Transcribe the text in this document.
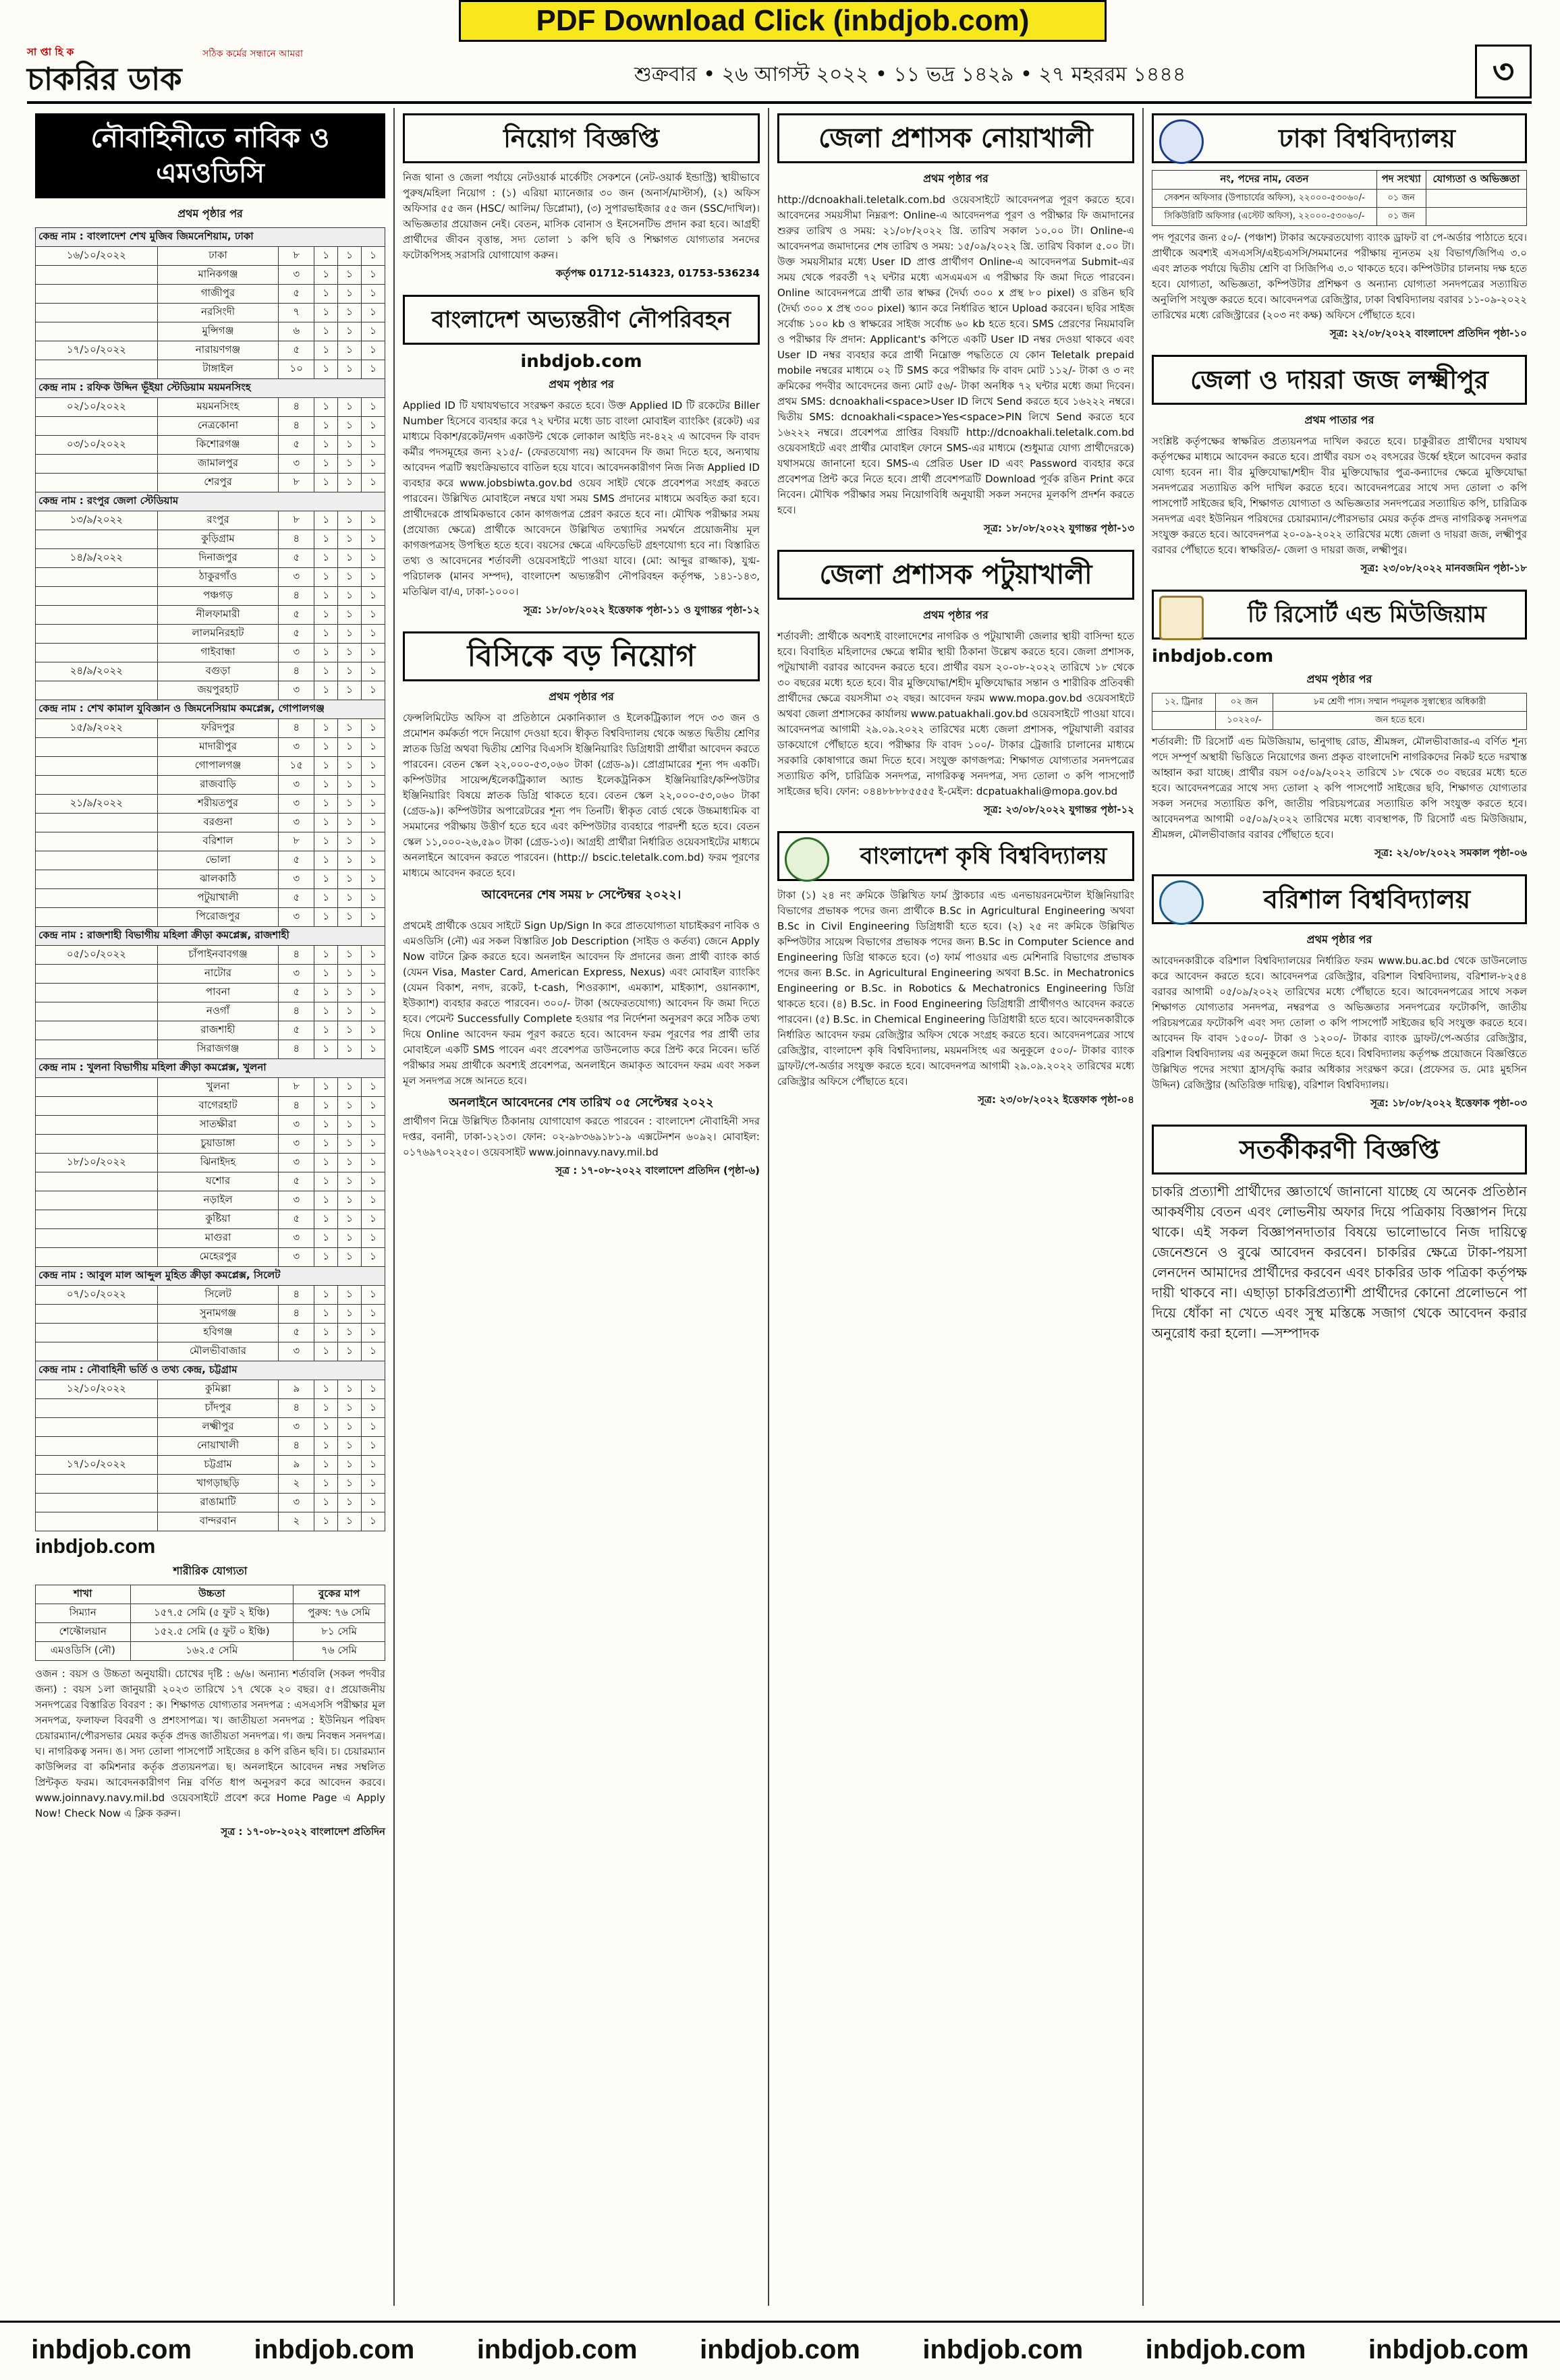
PDF Download Click (inbdjob.com)
সা প্তা হি ক
চাকরির ডাক
সঠিক কর্মের সন্ধানে আমরা
শুক্রবার • ২৬ আগস্ট ২০২২ • ১১ ভদ্র ১৪২৯ • ২৭ মহররম ১৪৪৪	৩
নৌবাহিনীতে নাবিক ও এমওডিসি
প্রথম পৃষ্ঠার পর
কেন্দ্র নাম : বাংলাদেশ শেখ মুজিব জিমনেশিয়াম, ঢাকা					
১৬/১০/২০২২	ঢাকা	৮	১	১	১
	মানিকগঞ্জ	৩	১	১	১
	গাজীপুর	৫	১	১	১
	নরসিংদী	৭	১	১	১
	মুন্সিগঞ্জ	৬	১	১	১
১৭/১০/২০২২	নারায়ণগঞ্জ	৫	১	১	১
	টাঙ্গাইল	১০	১	১	১
কেন্দ্র নাম : রফিক উদ্দিন ভূঁইয়া স্টেডিয়াম ময়মনসিংহ					
০২/১০/২০২২	ময়মনসিংহ	৪	১	১	১
	নেত্রকোনা	৪	১	১	১
০৩/১০/২০২২	কিশোরগঞ্জ	৫	১	১	১
	জামালপুর	৩	১	১	১
	শেরপুর	৮	১	১	১
কেন্দ্র নাম : রংপুর জেলা স্টেডিয়াম					
১৩/৯/২০২২	রংপুর	৮	১	১	১
	কুড়িগ্রাম	৪	১	১	১
১৪/৯/২০২২	দিনাজপুর	৫	১	১	১
	ঠাকুরগাঁও	৩	১	১	১
	পঞ্চগড়	৪	১	১	১
	নীলফামারী	৫	১	১	১
	লালমনিরহাট	৫	১	১	১
	গাইবান্ধা	৩	১	১	১
২৪/৯/২০২২	বগুড়া	৪	১	১	১
	জয়পুরহাট	৩	১	১	১
কেন্দ্র নাম : শেখ কামাল যুবিজ্ঞান ও জিমনেসিয়াম কমপ্লেক্স, গোপালগঞ্জ					
১৫/৯/২০২২	ফরিদপুর	৪	১	১	১
	মাদারীপুর	৩	১	১	১
	গোপালগঞ্জ	১৫	১	১	১
	রাজবাড়ি	৩	১	১	১
২১/৯/২০২২	শরীয়তপুর	৩	১	১	১
	বরগুনা	৩	১	১	১
	বরিশাল	৮	১	১	১
	ভোলা	৫	১	১	১
	ঝালকাঠি	৩	১	১	১
	পটুয়াখালী	৫	১	১	১
	পিরোজপুর	৩	১	১	১
কেন্দ্র নাম : রাজশাহী বিভাগীয় মহিলা ক্রীড়া কমপ্লেক্স, রাজশাহী					
০৫/১০/২০২২	চাঁপাইনবাবগঞ্জ	৪	১	১	১
	নাটোর	৩	১	১	১
	পাবনা	৫	১	১	১
	নওগাঁ	৪	১	১	১
	রাজশাহী	৫	১	১	১
	সিরাজগঞ্জ	৪	১	১	১
কেন্দ্র নাম : খুলনা বিভাগীয় মহিলা ক্রীড়া কমপ্লেক্স, খুলনা					
	খুলনা	৮	১	১	১
	বাগেরহাট	৪	১	১	১
	সাতক্ষীরা	৩	১	১	১
	চুয়াডাঙ্গা	৩	১	১	১
১৮/১০/২০২২	ঝিনাইদহ	৩	১	১	১
	যশোর	৫	১	১	১
	নড়াইল	৩	১	১	১
	কুষ্টিয়া	৫	১	১	১
	মাগুরা	৩	১	১	১
	মেহেরপুর	৩	১	১	১
কেন্দ্র নাম : আবুল মাল আব্দুল মুহিত ক্রীড়া কমপ্লেক্স, সিলেট					
০৭/১০/২০২২	সিলেট	৪	১	১	১
	সুনামগঞ্জ	৪	১	১	১
	হবিগঞ্জ	৫	১	১	১
	মৌলভীবাজার	৩	১	১	১
কেন্দ্র নাম : নৌবাহিনী ভর্তি ও তথ্য কেন্দ্র, চট্টগ্রাম					
১২/১০/২০২২	কুমিল্লা	৯	১	১	১
	চাঁদপুর	৪	১	১	১
	লক্ষ্মীপুর	৩	১	১	১
	নোয়াখালী	৪	১	১	১
১৭/১০/২০২২	চট্টগ্রাম	৯	১	১	১
	খাগড়াছড়ি	২	১	১	১
	রাঙামাটি	৩	১	১	১
	বান্দরবান	২	১	১	১
inbdjob.com
শারীরিক যোগ্যতা
শাখা	উচ্চতা	বুকের মাপ
সিম্যান	১৫৭.৫ সেমি (৫ ফুট ২ ইঞ্চি)	পুরুষ: ৭৬ সেমি
শেফ্টোলয়ান	১৫২.৫ সেমি (৫ ফুট ০ ইঞ্চি)	৮১ সেমি
এমওডিসি (নৌ)	১৬২.৫ সেমি	৭৬ সেমি
ওজন : বয়স ও উচ্চতা অনুযায়ী। চোখের দৃষ্টি : ৬/৬। অন্যান্য শর্তাবলি (সকল পদবীর জন্য) : বয়স ১লা জানুয়ারী ২০২৩ তারিখে ১৭ থেকে ২০ বছর। ৫। প্রয়োজনীয় সনদপত্রের বিস্তারিত বিবরণ : ক। শিক্ষাগত যোগ্যতার সনদপত্র : এসএসসি পরীক্ষার মূল সনদপত্র, ফলাফল বিবরণী ও প্রশংসাপত্র। খ। জাতীয়তা সনদপত্র : ইউনিয়ন পরিষদ চেয়ারম্যান/পৌরসভার মেয়র কর্তৃক প্রদত্ত জাতীয়তা সনদপত্র। গ। জন্ম নিবন্ধন সনদপত্র। ঘ। নাগরিকত্ব সনদ। ঙ। সদ্য তোলা পাসপোর্ট সাইজের ৪ কপি রঙিন ছবি। চ। চেয়ারম্যান কাউন্সিলর বা কমিশনার কর্তৃক প্রত্যয়নপত্র। ছ। অনলাইনে আবেদন নম্বর সম্বলিত প্রিন্টকৃত ফরম। আবেদনকারীগণ নিম্ন বর্ণিত ধাপ অনুসরণ করে আবেদন করবে। www.joinnavy.navy.mil.bd ওয়েবসাইটে প্রবেশ করে Home Page এ Apply Now! Check Now এ ক্লিক করুন।
সূত্র : ১৭-০৮-২০২২ বাংলাদেশ প্রতিদিন
নিয়োগ বিজ্ঞপ্তি
নিজ থানা ও জেলা পর্যায়ে নেটওয়ার্ক মার্কেটিং সেকশনে (নেট-ওয়ার্ক ইন্ডাস্ট্রি) স্থায়ীভাবে পুরুষ/মহিলা নিয়োগ : (১) এরিয়া ম্যানেজার ৩০ জন (অনার্স/মাস্টার্স), (২) অফিস অফিসার ৫৫ জন (HSC/ আলিম/ ডিপ্লোমা), (৩) সুপারভাইজার ৫৫ জন (SSC/দাখিল)। অভিজ্ঞতার প্রয়োজন নেই। বেতন, মাসিক বোনাস ও ইনসেনটিভ প্রদান করা হবে। আগ্রহী প্রার্থীদের জীবন বৃত্তান্ত, সদ্য তোলা ১ কপি ছবি ও শিক্ষাগত যোগ্যতার সনদের ফটোকপিসহ সরাসরি যোগাযোগ করুন।
কর্তৃপক্ষ 01712-514323, 01753-536234
বাংলাদেশ অভ্যন্তরীণ নৌপরিবহন
inbdjob.com
প্রথম পৃষ্ঠার পর
Applied ID টি যথাযথভাবে সংরক্ষণ করতে হবে। উক্ত Applied ID টি রকেটের Biller Number হিসেবে ব্যবহার করে ৭২ ঘন্টার মধ্যে ডাচ বাংলা মোবাইল ব্যাংকিং (রকেট) এর মাধ্যমে বিকাশ/রকেট/নগদ একাউন্ট থেকে লোকাল আইডি নং-৪২২ এ আবেদন ফি বাবদ কর্মীর পদসমূহের জন্য ২১৫/- (ফেরতযোগ্য নয়) আবেদন ফি জমা দিতে হবে, অন্যথায় আবেদন পত্রটি স্বয়ংক্রিয়ভাবে বাতিল হয়ে যাবে। আবেদনকারীগণ নিজ নিজ Applied ID ব্যবহার করে www.jobsbiwta.gov.bd ওয়েব সাইট থেকে প্রবেশপত্র সংগ্রহ করতে পারবেন। উল্লিখিত মোবাইলে নম্বরে যথা সময় SMS প্রদানের মাধ্যমে অবহিত করা হবে। প্রার্থীদেরকে প্রাথমিকভাবে কোন কাগজপত্র প্রেরণ করতে হবে না। মৌখিক পরীক্ষার সময় (প্রযোজ্য ক্ষেত্রে) প্রার্থীকে আবেদনে উল্লিখিত তথ্যাদির সমর্থনে প্রয়োজনীয় মূল কাগজপত্রসহ উপস্থিত হতে হবে। বয়সের ক্ষেত্রে এফিডেভিট গ্রহণযোগ্য হবে না। বিস্তারিত তথ্য ও আবেদনের শর্তাবলী ওয়েবসাইটে পাওয়া যাবে। (মো: আব্দুর রাজ্জাক), যুগ্ম-পরিচালক (মানব সম্পদ), বাংলাদেশ অভ্যন্তরীণ নৌপরিবহন কর্তৃপক্ষ, ১৪১-১৪৩, মতিঝিল বা/এ, ঢাকা-১০০০।
সূত্র: ১৮/০৮/২০২২ ইত্তেফাক পৃষ্ঠা-১১ ও যুগান্তর পৃষ্ঠা-১২
বিসিকে বড় নিয়োগ
প্রথম পৃষ্ঠার পর
ফেন্সলিমিটেড অফিস বা প্রতিষ্ঠানে মেকানিক্যাল ও ইলেকট্রিক্যাল পদে ৩৩ জন ও প্রমোশন কর্মকর্তা পদে নিয়োগ দেওয়া হবে। স্বীকৃত বিশ্ববিদ্যালয় থেকে অন্তত দ্বিতীয় শ্রেণির স্নাতক ডিগ্রি অথবা দ্বিতীয় শ্রেণির বিএসসি ইঞ্জিনিয়ারিং ডিগ্রিধারী প্রার্থীরা আবেদন করতে পারবেন। বেতন স্কেল ২২,০০০-৫৩,০৬০ টাকা (গ্রেড-৯)। প্রোগ্রামারের শূন্য পদ একটি। কম্পিউটার সায়েন্স/ইলেকট্রিক্যাল অ্যান্ড ইলেকট্রনিকস ইঞ্জিনিয়ারিং/কম্পিউটার ইঞ্জিনিয়ারিং বিষয়ে স্নাতক ডিগ্রি থাকতে হবে। বেতন স্কেল ২২,০০০-৫৩,০৬০ টাকা (গ্রেড-৯)। কম্পিউটার অপারেটরের শূন্য পদ তিনটি। স্বীকৃত বোর্ড থেকে উচ্চমাধ্যমিক বা সমমানের পরীক্ষায় উত্তীর্ণ হতে হবে এবং কম্পিউটার ব্যবহারে পারদর্শী হতে হবে। বেতন স্কেল ১১,০০০-২৬,৫৯০ টাকা (গ্রেড-১৩)। আগ্রহী প্রার্থীরা নির্ধারিত ওয়েবসাইটের মাধ্যমে অনলাইনে আবেদন করতে পারবেন। (http:// bscic.teletalk.com.bd) ফরম পূরণের মাধ্যমে আবেদন করতে হবে।
আবেদনের শেষ সময় ৮ সেপ্টেম্বর ২০২২।
প্রথমেই প্রার্থীকে ওয়েব সাইটে Sign Up/Sign In করে প্রাতযোগ্যতা যাচাইকরণ নাবিক ও এমওডিসি (নৌ) এর সকল বিস্তারিত Job Description (সাইড ও কর্তব্য) জেনে Apply Now বাটনে ক্লিক করতে হবে। অনলাইন আবেদন ফি প্রদানের জন্য প্রার্থী ব্যাংক কার্ড (যেমন Visa, Master Card, American Express, Nexus) এবং মোবাইল ব্যাংকিং (যেমন বিকাশ, নগদ, রকেট, t-cash, শিওরক্যাশ, এমক্যাশ, মাইক্যাশ, ওয়ানক্যাশ, ইউক্যাশ) ব্যবহার করতে পারবেন। ৩০০/- টাকা (অফেরতযোগ্য) আবেদন ফি জমা দিতে হবে। পেমেন্ট Successfully Complete হওয়ার পর নির্দেশনা অনুসরণ করে সঠিক তথ্য দিয়ে Online আবেদন ফরম পূরণ করতে হবে। আবেদন ফরম পূরণের পর প্রার্থী তার মোবাইলে একটি SMS পাবেন এবং প্রবেশপত্র ডাউনলোড করে প্রিন্ট করে নিবেন। ভর্তি পরীক্ষার সময় প্রার্থীকে অবশ্যই প্রবেশপত্র, অনলাইনে জমাকৃত আবেদন ফরম এবং সকল মূল সনদপত্র সঙ্গে আনতে হবে।
অনলাইনে আবেদনের শেষ তারিখ ০৫ সেপ্টেম্বর ২০২২
প্রার্থীগণ নিম্নে উল্লিখিত ঠিকানায় যোগাযোগ করতে পারবেন : বাংলাদেশ নৌবাহিনী সদর দপ্তর, বনানী, ঢাকা-১২১৩। ফোন: ০২-৯৮৩৬৯১৮১-৯ এক্সটেনশন ৬০৯২। মোবাইল: ০১৭৬৯৭০২২৫০। ওয়েবসাইট www.joinnavy.navy.mil.bd
সূত্র : ১৭-০৮-২০২২ বাংলাদেশ প্রতিদিন (পৃষ্ঠা-৬)
জেলা প্রশাসক নোয়াখালী
প্রথম পৃষ্ঠার পর
http://dcnoakhali.teletalk.com.bd ওয়েবসাইটে আবেদনপত্র পূরণ করতে হবে। আবেদনের সময়সীমা নিম্নরূপ: Online-এ আবেদনপত্র পূরণ ও পরীক্ষার ফি জমাদানের শুরুর তারিখ ও সময়: ২১/০৮/২০২২ খ্রি. তারিখ সকাল ১০.০০ টা। Online-এ আবেদনপত্র জমাদানের শেষ তারিখ ও সময়: ১৫/০৯/২০২২ খ্রি. তারিখ বিকাল ৫.০০ টা। উক্ত সময়সীমার মধ্যে User ID প্রাপ্ত প্রার্থীগণ Online-এ আবেদনপত্র Submit-এর সময় থেকে পরবর্তী ৭২ ঘন্টার মধ্যে এসএমএস এ পরীক্ষার ফি জমা দিতে পারবেন। Online আবেদনপত্রে প্রার্থী তার স্বাক্ষর (দৈর্ঘ্য ৩০০ x প্রস্থ ৮০ pixel) ও রঙিন ছবি (দৈর্ঘ্য ৩০০ x প্রস্থ ৩০০ pixel) স্ক্যান করে নির্ধারিত স্থানে Upload করবেন। ছবির সাইজ সর্বোচ্চ ১০০ kb ও স্বাক্ষরের সাইজ সর্বোচ্চ ৬০ kb হতে হবে। SMS প্রেরণের নিয়মাবলি ও পরীক্ষার ফি প্রদান: Applicant's কপিতে একটি User ID নম্বর দেওয়া থাকবে এবং User ID নম্বর ব্যবহার করে প্রার্থী নিম্নোক্ত পদ্ধতিতে যে কোন Teletalk prepaid mobile নম্বরের মাধ্যমে ০২ টি SMS করে পরীক্ষার ফি বাবদ মোট ১১২/- টাকা ও ৩ নং ক্রমিকের পদবীর আবেদনের জন্য মোট ৫৬/- টাকা অনধিক ৭২ ঘন্টার মধ্যে জমা দিবেন। প্রথম SMS: dcnoakhali<space>User ID লিখে Send করতে হবে ১৬২২২ নম্বরে। দ্বিতীয় SMS: dcnoakhali<space>Yes<space>PIN লিখে Send করতে হবে ১৬২২২ নম্বরে। প্রবেশপত্র প্রাপ্তির বিষয়টি http://dcnoakhali.teletalk.com.bd ওয়েবসাইটে এবং প্রার্থীর মোবাইল ফোনে SMS-এর মাধ্যমে (শুধুমাত্র যোগ্য প্রার্থীদেরকে) যথাসময়ে জানানো হবে। SMS-এ প্রেরিত User ID এবং Password ব্যবহার করে প্রবেশপত্র প্রিন্ট করে নিতে হবে। প্রার্থী প্রবেশপত্রটি Download পূর্বক রঙিন Print করে নিবেন। মৌখিক পরীক্ষার সময় নিয়োগবিধি অনুযায়ী সকল সনদের মূলকপি প্রদর্শন করতে হবে।
সূত্র: ১৮/০৮/২০২২ যুগান্তর পৃষ্ঠা-১৩
জেলা প্রশাসক পটুয়াখালী
প্রথম পৃষ্ঠার পর
শর্তাবলী: প্রার্থীকে অবশ্যই বাংলাদেশের নাগরিক ও পটুয়াখালী জেলার স্থায়ী বাসিন্দা হতে হবে। বিবাহিত মহিলাদের ক্ষেত্রে স্বামীর স্থায়ী ঠিকানা উল্লেখ করতে হবে। জেলা প্রশাসক, পটুয়াখালী বরাবর আবেদন করতে হবে। প্রার্থীর বয়স ২০-০৮-২০২২ তারিখে ১৮ থেকে ৩০ বছরের মধ্যে হতে হবে। বীর মুক্তিযোদ্ধা/শহীদ মুক্তিযোদ্ধার সন্তান ও শারীরিক প্রতিবন্ধী প্রার্থীদের ক্ষেত্রে বয়সসীমা ৩২ বছর। আবেদন ফরম www.mopa.gov.bd ওয়েবসাইটে অথবা জেলা প্রশাসকের কার্যালয় www.patuakhali.gov.bd ওয়েবসাইটে পাওয়া যাবে। আবেদনপত্র আগামী ২৯.০৯.২০২২ তারিখের মধ্যে জেলা প্রশাসক, পটুয়াখালী বরাবর ডাকযোগে পৌঁছাতে হবে। পরীক্ষার ফি বাবদ ১০০/- টাকার ট্রেজারি চালানের মাধ্যমে সরকারি কোষাগারে জমা দিতে হবে। সংযুক্ত কাগজপত্র: শিক্ষাগত যোগ্যতার সনদপত্রের সত্যায়িত কপি, চারিত্রিক সনদপত্র, নাগরিকত্ব সনদপত্র, সদ্য তোলা ৩ কপি পাসপোর্ট সাইজের ছবি। ফোন: ০৪৪৮৮৮৮৫৫৫৫ ই-মেইল: dcpatuakhali@mopa.gov.bd
সূত্র: ২৩/০৮/২০২২ যুগান্তর পৃষ্ঠা-১২
বাংলাদেশ কৃষি বিশ্ববিদ্যালয়
টাকা (১) ২৪ নং ক্রমিকে উল্লিখিত ফার্ম স্ট্রাকচার এন্ড এনভায়রনমেন্টাল ইঞ্জিনিয়ারিং বিভাগের প্রভাষক পদের জন্য প্রার্থীকে B.Sc in Agricultural Engineering অথবা B.Sc in Civil Engineering ডিগ্রিধারী হতে হবে। (২) ২৫ নং ক্রমিকে উল্লিখিত কম্পিউটার সায়েন্স বিভাগের প্রভাষক পদের জন্য B.Sc in Computer Science and Engineering ডিগ্রি থাকতে হবে। (৩) ফার্ম পাওয়ার এন্ড মেশিনারি বিভাগের প্রভাষক পদের জন্য B.Sc. in Agricultural Engineering অথবা B.Sc. in Mechatronics Engineering or B.Sc. in Robotics & Mechatronics Engineering ডিগ্রি থাকতে হবে। (৪) B.Sc. in Food Engineering ডিগ্রিধারী প্রার্থীগণও আবেদন করতে পারবেন। (৫) B.Sc. in Chemical Engineering ডিগ্রিধারী হতে হবে। আবেদনকারীকে নির্ধারিত আবেদন ফরম রেজিস্ট্রার অফিস থেকে সংগ্রহ করতে হবে। আবেদনপত্রের সাথে রেজিস্ট্রার, বাংলাদেশ কৃষি বিশ্ববিদ্যালয়, ময়মনসিংহ এর অনুকূলে ৫০০/- টাকার ব্যাংক ড্রাফট/পে-অর্ডার সংযুক্ত করতে হবে। আবেদনপত্র আগামী ২৯.০৯.২০২২ তারিখের মধ্যে রেজিস্ট্রার অফিসে পৌঁছাতে হবে।
সূত্র: ২৩/০৮/২০২২ ইত্তেফাক পৃষ্ঠা-০৪
ঢাকা বিশ্ববিদ্যালয়
নং, পদের নাম, বেতন	পদ সংখ্যা	যোগ্যতা ও অভিজ্ঞতা
সেকশন অফিসার (উপাচার্যের অফিস), ২২০০০-৫৩০৬০/-	০১ জন	
সিকিউরিটি অফিসার (এস্টেট অফিস), ২২০০০-৫৩০৬০/-	০১ জন	
পদ পূরণের জন্য ৫০/- (পঞ্চাশ) টাকার অফেরতযোগ্য ব্যাংক ড্রাফট বা পে-অর্ডার পাঠাতে হবে। প্রার্থীকে অবশ্যই এসএসসি/এইচএসসি/সমমানের পরীক্ষায় ন্যূনতম ২য় বিভাগ/জিপিএ ৩.০ এবং স্নাতক পর্যায়ে দ্বিতীয় শ্রেণি বা সিজিপিএ ৩.০ থাকতে হবে। কম্পিউটার চালনায় দক্ষ হতে হবে। যোগ্যতা, অভিজ্ঞতা, কম্পিউটার প্রশিক্ষণ ও অন্যান্য যোগ্যতা সনদপত্রের সত্যায়িত অনুলিপি সংযুক্ত করতে হবে। আবেদনপত্র রেজিস্ট্রার, ঢাকা বিশ্ববিদ্যালয় বরাবর ১১-০৯-২০২২ তারিখের মধ্যে রেজিস্ট্রারের (২০৩ নং কক্ষ) অফিসে পৌঁছাতে হবে।
সূত্র: ২২/০৮/২০২২ বাংলাদেশ প্রতিদিন পৃষ্ঠা-১০
জেলা ও দায়রা জজ লক্ষ্মীপুর
প্রথম পাতার পর
সংশ্লিষ্ট কর্তৃপক্ষের স্বাক্ষরিত প্রত্যয়নপত্র দাখিল করতে হবে। চাকুরীরত প্রার্থীদের যথাযথ কর্তৃপক্ষের মাধ্যমে আবেদন করতে হবে। প্রার্থীর বয়স ৩২ বৎসরের উর্ধ্বে হইলে আবেদন করার যোগ্য হবেন না। বীর মুক্তিযোদ্ধা/শহীদ বীর মুক্তিযোদ্ধার পুত্র-কন্যাদের ক্ষেত্রে মুক্তিযোদ্ধা সনদপত্রের সত্যায়িত কপি দাখিল করতে হবে। আবেদনপত্রের সাথে সদ্য তোলা ৩ কপি পাসপোর্ট সাইজের ছবি, শিক্ষাগত যোগ্যতা ও অভিজ্ঞতার সনদপত্রের সত্যায়িত কপি, চারিত্রিক সনদপত্র এবং ইউনিয়ন পরিষদের চেয়ারম্যান/পৌরসভার মেয়র কর্তৃক প্রদত্ত নাগরিকত্ব সনদপত্র সংযুক্ত করতে হবে। আবেদনপত্র ২০-০৯-২০২২ তারিখের মধ্যে জেলা ও দায়রা জজ, লক্ষ্মীপুর বরাবর পৌঁছাতে হবে। স্বাক্ষরিত/- জেলা ও দায়রা জজ, লক্ষ্মীপুর।
সূত্র: ২৩/০৮/২০২২ মানবজমিন পৃষ্ঠা-১৮
টি রিসোর্ট এন্ড মিউজিয়াম
inbdjob.com
প্রথম পৃষ্ঠার পর
১২. ট্রিনার	০২ জন	৮ম শ্রেণী পাস। সম্মান পদমূলক সুস্বাস্থ্যের অধিকারী
	১০২২০/-	জন হতে হবে।
শর্তাবলী: টি রিসোর্ট এন্ড মিউজিয়াম, ভানুগাছ রোড, শ্রীমঙ্গল, মৌলভীবাজার-এ বর্ণিত শূন্য পদে সম্পূর্ণ অস্থায়ী ভিত্তিতে নিয়োগের জন্য প্রকৃত বাংলাদেশি নাগরিকদের নিকট হতে দরখাস্ত আহ্বান করা যাচ্ছে। প্রার্থীর বয়স ০৫/০৯/২০২২ তারিখে ১৮ থেকে ৩০ বছরের মধ্যে হতে হবে। আবেদনপত্রের সাথে সদ্য তোলা ২ কপি পাসপোর্ট সাইজের ছবি, শিক্ষাগত যোগ্যতার সকল সনদের সত্যায়িত কপি, জাতীয় পরিচয়পত্রের সত্যায়িত কপি সংযুক্ত করতে হবে। আবেদনপত্র আগামী ০৫/০৯/২০২২ তারিখের মধ্যে ব্যবস্থাপক, টি রিসোর্ট এন্ড মিউজিয়াম, শ্রীমঙ্গল, মৌলভীবাজার বরাবর পৌঁছাতে হবে।
সূত্র: ২২/০৮/২০২২ সমকাল পৃষ্ঠা-০৬
বরিশাল বিশ্ববিদ্যালয়
প্রথম পৃষ্ঠার পর
আবেদনকারীকে বরিশাল বিশ্ববিদ্যালয়ের নির্ধারিত ফরম www.bu.ac.bd থেকে ডাউনলোড করে আবেদন করতে হবে। আবেদনপত্র রেজিস্ট্রার, বরিশাল বিশ্ববিদ্যালয়, বরিশাল-৮২৫৪ বরাবর আগামী ০৫/০৯/২০২২ তারিখের মধ্যে পৌঁছাতে হবে। আবেদনপত্রের সাথে সকল শিক্ষাগত যোগ্যতার সনদপত্র, নম্বরপত্র ও অভিজ্ঞতার সনদপত্রের ফটোকপি, জাতীয় পরিচয়পত্রের ফটোকপি এবং সদ্য তোলা ৩ কপি পাসপোর্ট সাইজের ছবি সংযুক্ত করতে হবে। আবেদন ফি বাবদ ১৫০০/- টাকা ও ১২০০/- টাকার ব্যাংক ড্রাফট/পে-অর্ডার রেজিস্ট্রার, বরিশাল বিশ্ববিদ্যালয় এর অনুকূলে জমা দিতে হবে। বিশ্ববিদ্যালয় কর্তৃপক্ষ প্রয়োজনে বিজ্ঞপ্তিতে উল্লিখিত পদের সংখ্যা হ্রাস/বৃদ্ধি করার অধিকার সংরক্ষণ করে। (প্রফেসর ড. মোঃ মুহসিন উদ্দিন) রেজিস্ট্রার (অতিরিক্ত দায়িত্ব), বরিশাল বিশ্ববিদ্যালয়।
সূত্র: ১৮/০৮/২০২২ ইত্তেফাক পৃষ্ঠা-০৩
সতর্কীকরণী বিজ্ঞপ্তি
চাকরি প্রত্যাশী প্রার্থীদের জ্ঞাতার্থে জানানো যাচ্ছে যে অনেক প্রতিষ্ঠান আকর্ষণীয় বেতন এবং লোভনীয় অফার দিয়ে পত্রিকায় বিজ্ঞাপন দিয়ে থাকে। এই সকল বিজ্ঞাপনদাতার বিষয়ে ভালোভাবে নিজ দায়িত্বে জেনেশুনে ও বুঝে আবেদন করবেন। চাকরির ক্ষেত্রে টাকা-পয়সা লেনদেন আমাদের প্রার্থীদের করবেন এবং চাকরির ডাক পত্রিকা কর্তৃপক্ষ দায়ী থাকবে না। এছাড়া চাকরিপ্রত্যাশী প্রার্থীদের কোনো প্রলোভনে পা দিয়ে ধোঁকা না খেতে এবং সুস্থ মস্তিষ্কে সজাগ থেকে আবেদন করার অনুরোধ করা হলো। —সম্পাদক
inbdjob.com inbdjob.com inbdjob.com inbdjob.com inbdjob.com inbdjob.com inbdjob.com
